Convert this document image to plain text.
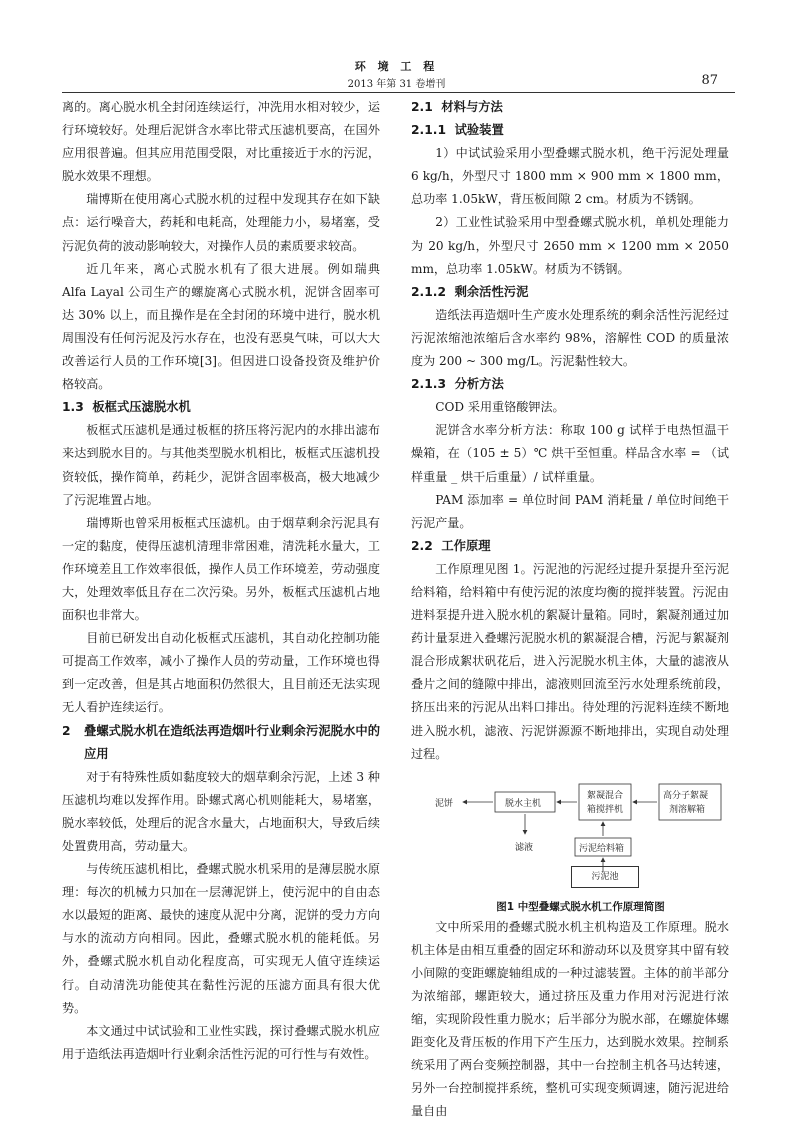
环 境 工 程
2013 年第 31 卷增刊	87

离的。离心脱水机全封闭连续运行，冲洗用水相对较少，运行环境较好。处理后泥饼含水率比带式压滤机要高，在国外应用很普遍。但其应用范围受限，对比重接近于水的污泥，脱水效果不理想。

瑞博斯在使用离心式脱水机的过程中发现其存在如下缺点：运行噪音大，药耗和电耗高，处理能力小，易堵塞，受污泥负荷的波动影响较大，对操作人员的素质要求较高。

近几年来，离心式脱水机有了很大进展。例如瑞典 Alfa Layal 公司生产的螺旋离心式脱水机，泥饼含固率可达 30% 以上，而且操作是在全封闭的环境中进行，脱水机周围没有任何污泥及污水存在，也没有恶臭气味，可以大大改善运行人员的工作环境[3]。但因进口设备投资及维护价格较高。

1.3 板框式压滤脱水机

板框式压滤机是通过板框的挤压将污泥内的水排出滤布来达到脱水目的。与其他类型脱水机相比，板框式压滤机投资较低，操作简单，药耗少，泥饼含固率极高，极大地减少了污泥堆置占地。

瑞博斯也曾采用板框式压滤机。由于烟草剩余污泥具有一定的黏度，使得压滤机清理非常困难，清洗耗水量大，工作环境差且工作效率很低，操作人员工作环境差，劳动强度大，处理效率低且存在二次污染。另外，板框式压滤机占地面积也非常大。

目前已研发出自动化板框式压滤机，其自动化控制功能可提高工作效率，减小了操作人员的劳动量，工作环境也得到一定改善，但是其占地面积仍然很大，且目前还无法实现无人看护连续运行。

2	叠螺式脱水机在造纸法再造烟叶行业剩余污泥脱水中的应用

对于有特殊性质如黏度较大的烟草剩余污泥，上述 3 种压滤机均难以发挥作用。卧螺式离心机则能耗大，易堵塞，脱水率较低，处理后的泥含水量大，占地面积大，导致后续处置费用高，劳动量大。

与传统压滤机相比，叠螺式脱水机采用的是薄层脱水原理：每次的机械力只加在一层薄泥饼上，使污泥中的自由态水以最短的距离、最快的速度从泥中分离，泥饼的受力方向与水的流动方向相同。因此，叠螺式脱水机的能耗低。另外，叠螺式脱水机自动化程度高，可实现无人值守连续运行。自动清洗功能使其在黏性污泥的压滤方面具有很大优势。

本文通过中试试验和工业性实践，探讨叠螺式脱水机应用于造纸法再造烟叶行业剩余活性污泥的可行性与有效性。

2.1 材料与方法
2.1.1 试验装置

1）中试试验采用小型叠螺式脱水机，绝干污泥处理量 6 kg/h，外型尺寸 1800 mm × 900 mm × 1800 mm，总功率 1.05kW，背压板间隙 2 cm。材质为不锈钢。

2）工业性试验采用中型叠螺式脱水机，单机处理能力为 20 kg/h，外型尺寸 2650 mm × 1200 mm × 2050 mm，总功率 1.05kW。材质为不锈钢。

2.1.2 剩余活性污泥

造纸法再造烟叶生产废水处理系统的剩余活性污泥经过污泥浓缩池浓缩后含水率约 98%，溶解性 COD 的质量浓度为 200 ~ 300 mg/L。污泥黏性较大。

2.1.3 分析方法

COD 采用重铬酸钾法。

泥饼含水率分析方法：称取 100 g 试样于电热恒温干燥箱，在（105 ± 5）℃ 烘干至恒重。样品含水率 = （试样重量 _ 烘干后重量）/ 试样重量。

PAM 添加率 = 单位时间 PAM 消耗量 / 单位时间绝干污泥产量。

2.2 工作原理

工作原理见图 1。污泥池的污泥经过提升泵提升至污泥给料箱，给料箱中有使污泥的浓度均衡的搅拌装置。污泥由进料泵提升进入脱水机的絮凝计量箱。同时，絮凝剂通过加药计量泵进入叠螺污泥脱水机的絮凝混合槽，污泥与絮凝剂混合形成絮状矾花后，进入污泥脱水机主体，大量的滤液从叠片之间的缝隙中排出，滤液则回流至污水处理系统前段，挤压出来的污泥从出料口排出。待处理的污泥料连续不断地进入脱水机，滤液、污泥饼源源不断地排出，实现自动处理过程。

泥饼	脱水主机
絮凝混合
箱搅拌机
高分子絮凝
剂溶解箱
滤液	污泥给料箱
污泥池

图1 中型叠螺式脱水机工作原理简图

文中所采用的叠螺式脱水机主机构造及工作原理。脱水机主体是由相互重叠的固定环和游动环以及贯穿其中留有较小间隙的变距螺旋轴组成的一种过滤装置。主体的前半部分为浓缩部，螺距较大，通过挤压及重力作用对污泥进行浓缩，实现阶段性重力脱水；后半部分为脱水部，在螺旋体螺距变化及背压板的作用下产生压力，达到脱水效果。控制系统采用了两台变频控制器，其中一台控制主机各马达转速，另外一台控制搅拌系统，整机可实现变频调速，随污泥进给量自由
